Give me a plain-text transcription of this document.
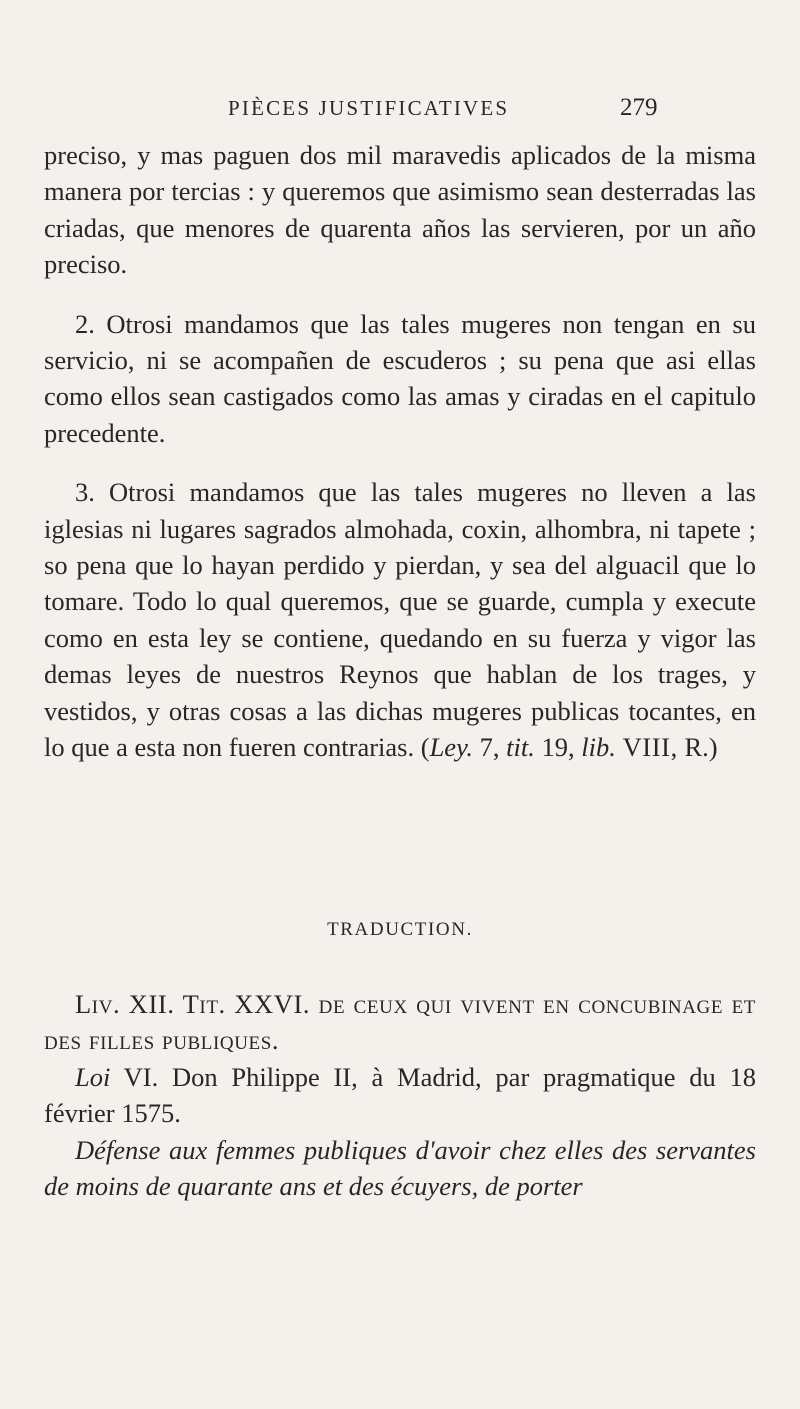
PIÈCES JUSTIFICATIVES	279

preciso, y mas paguen dos mil maravedis aplicados de la misma manera por tercias : y queremos que asimismo sean desterradas las criadas, que menores de quarenta años las servieren, por un año preciso.

2. Otrosi mandamos que las tales mugeres non tengan en su servicio, ni se acompañen de escuderos ; su pena que asi ellas como ellos sean castigados como las amas y ciradas en el capitulo precedente.

3. Otrosi mandamos que las tales mugeres no lleven a las iglesias ni lugares sagrados almohada, coxin, alhombra, ni tapete ; so pena que lo hayan perdido y pierdan, y sea del alguacil que lo tomare. Todo lo qual queremos, que se guarde, cumpla y execute como en esta ley se contiene, quedando en su fuerza y vigor las demas leyes de nuestros Reynos que hablan de los trages, y vestidos, y otras cosas a las dichas mugeres publicas tocantes, en lo que a esta non fueren contrarias. (Ley. 7, tit. 19, lib. VIII, R.)

TRADUCTION.

Liv. XII. Tit. XXVI. de ceux qui vivent en concubinage et des filles publiques.

Loi VI. Don Philippe II, à Madrid, par pragmatique du 18 février 1575.

Défense aux femmes publiques d'avoir chez elles des servantes de moins de quarante ans et des écuyers, de porter
